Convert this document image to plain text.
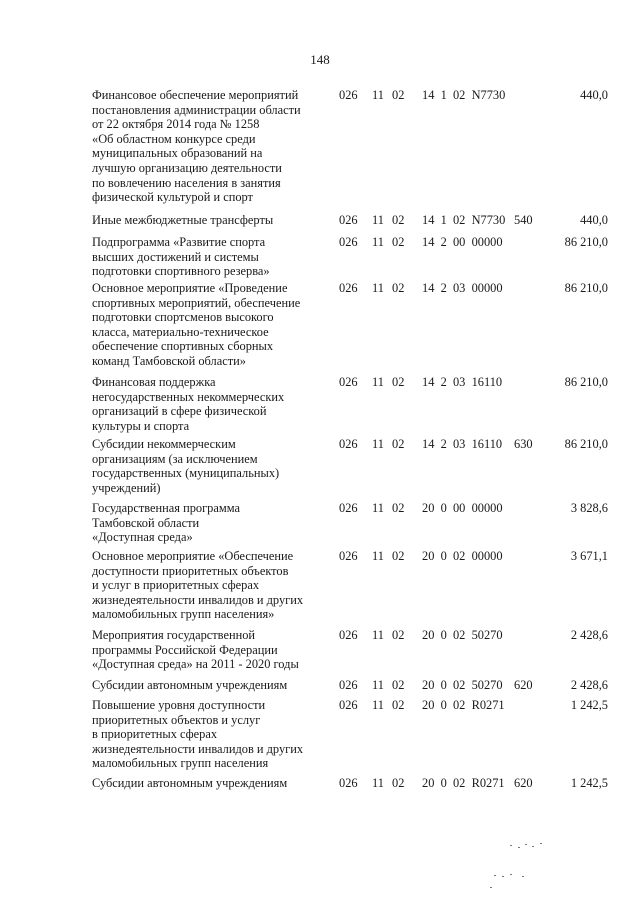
148
Финансовое обеспечение мероприятий
постановления администрации области
от 22 октября 2014 года № 1258
«Об областном конкурсе среди
муниципальных образований на
лучшую организацию деятельности
по вовлечению населения в занятия
физической культурой и спорт
026 11 02 14  1  02  N7730	440,0
Иные межбюджетные трансферты	026 11 02 14  1  02  N7730 540	440,0
Подпрограмма «Развитие спорта
высших достижений и системы
подготовки спортивного резерва»
026 11 02 14  2  00  00000	86 210,0
Основное мероприятие «Проведение
спортивных мероприятий, обеспечение
подготовки спортсменов высокого
класса, материально-техническое
обеспечение спортивных сборных
команд Тамбовской области»
026 11 02 14  2  03  00000	86 210,0
Финансовая поддержка
негосударственных некоммерческих
организаций в сфере физической
культуры и спорта
026 11 02 14  2  03  16110	86 210,0
Субсидии некоммерческим
организациям (за исключением
государственных (муниципальных)
учреждений)
026 11 02 14  2  03  16110 630	86 210,0
Государственная программа
Тамбовской области
«Доступная среда»
026 11 02 20  0  00  00000	3 828,6
Основное мероприятие «Обеспечение
доступности приоритетных объектов
и услуг в приоритетных сферах
жизнедеятельности инвалидов и других
маломобильных групп населения»
026 11 02 20  0  02  00000	3 671,1
Мероприятия государственной
программы Российской Федерации
«Доступная среда» на 2011 - 2020 годы
026 11 02 20  0  02  50270	2 428,6
Субсидии автономным учреждениям	026 11 02 20  0  02  50270 620	2 428,6
Повышение уровня доступности
приоритетных объектов и услуг
в приоритетных сферах
жизнедеятельности инвалидов и других
маломобильных групп населения
026 11 02 20  0  02  R0271	1 242,5
Субсидии автономным учреждениям	026 11 02 20  0  02  R0271 620	1 242,5
